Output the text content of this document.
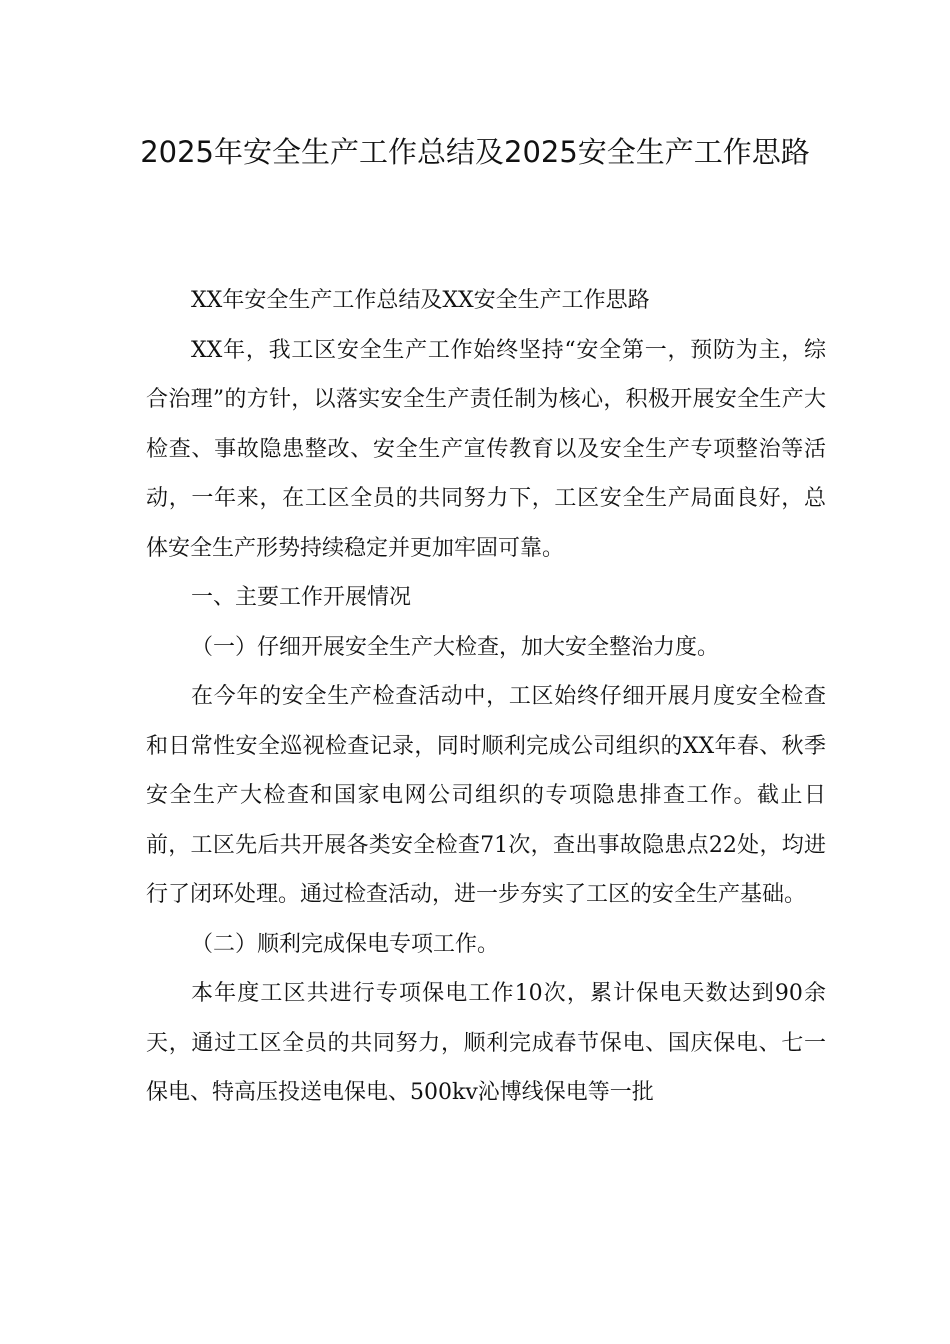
2025年安全生产工作总结及2025安全生产工作思路

XX年安全生产工作总结及XX安全生产工作思路

XX年，我工区安全生产工作始终坚持“安全第一，预防为主，综合治理”的方针，以落实安全生产责任制为核心，积极开展安全生产大检查、事故隐患整改、安全生产宣传教育以及安全生产专项整治等活动，一年来，在工区全员的共同努力下，工区安全生产局面良好，总体安全生产形势持续稳定并更加牢固可靠。

一、主要工作开展情况

（一）仔细开展安全生产大检查，加大安全整治力度。

在今年的安全生产检查活动中，工区始终仔细开展月度安全检查和日常性安全巡视检查记录，同时顺利完成公司组织的XX年春、秋季安全生产大检查和国家电网公司组织的专项隐患排查工作。截止日前，工区先后共开展各类安全检查71次，查出事故隐患点22处，均进行了闭环处理。通过检查活动，进一步夯实了工区的安全生产基础。

（二）顺利完成保电专项工作。

本年度工区共进行专项保电工作10次，累计保电天数达到90余天，通过工区全员的共同努力，顺利完成春节保电、国庆保电、七一保电、特高压投送电保电、500kv沁博线保电等一批
